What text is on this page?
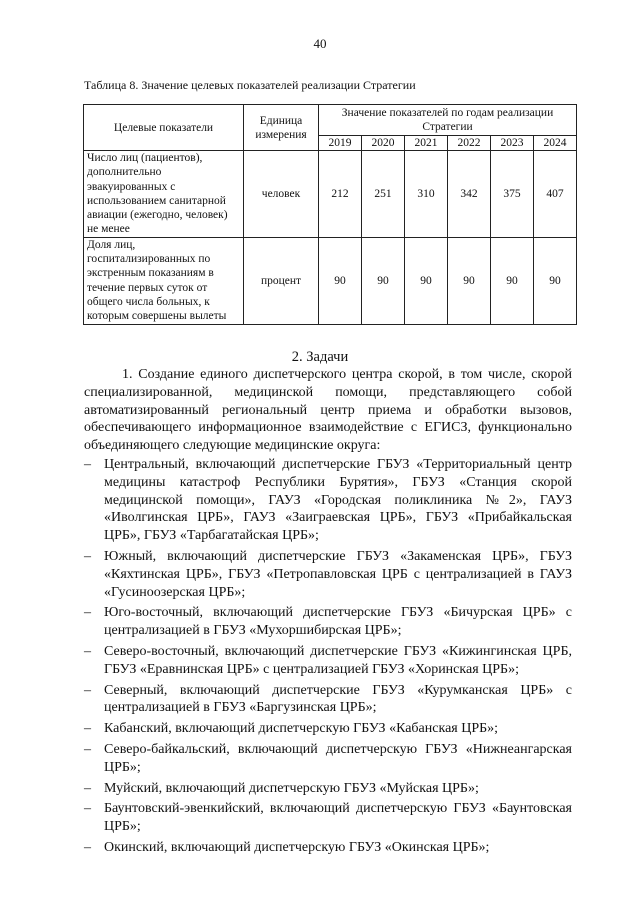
40
Таблица 8. Значение целевых показателей реализации Стратегии
Целевые показатели	Единица измерения	Значение показателей по годам реализации Стратегии					
		2019	2020	2021	2022	2023	2024
Число лиц (пациентов), дополнительно эвакуированных с использованием санитарной авиации (ежегодно, человек) не менее	человек	212	251	310	342	375	407
Доля лиц, госпитализированных по экстренным показаниям в течение первых суток от общего числа больных, к которым совершены вылеты	процент	90	90	90	90	90	90
2. Задачи
1. Создание единого диспетчерского центра скорой, в том числе, скорой специализированной, медицинской помощи, представляющего собой автоматизированный региональный центр приема и обработки вызовов, обеспечивающего информационное взаимодействие с ЕГИСЗ, функционально объединяющего следующие медицинские округа:
– Центральный, включающий диспетчерские ГБУЗ «Территориальный центр медицины катастроф Республики Бурятия», ГБУЗ «Станция скорой медицинской помощи», ГАУЗ «Городская поликлиника №2», ГАУЗ «Иволгинская ЦРБ», ГАУЗ «Заиграевская ЦРБ», ГБУЗ «Прибайкальская ЦРБ», ГБУЗ «Тарбагатайская ЦРБ»;
– Южный, включающий диспетчерские ГБУЗ «Закаменская ЦРБ», ГБУЗ «Кяхтинская ЦРБ», ГБУЗ «Петропавловская ЦРБ с централизацией в ГАУЗ «Гусиноозерская ЦРБ»;
– Юго-восточный, включающий диспетчерские ГБУЗ «Бичурская ЦРБ» с централизацией в ГБУЗ «Мухоршибирская ЦРБ»;
– Северо-восточный, включающий диспетчерские ГБУЗ «Кижингинская ЦРБ, ГБУЗ «Еравнинская ЦРБ» с централизацией ГБУЗ «Хоринская ЦРБ»;
– Северный, включающий диспетчерские ГБУЗ «Курумканская ЦРБ» с централизацией в ГБУЗ «Баргузинская ЦРБ»;
– Кабанский, включающий диспетчерскую ГБУЗ «Кабанская ЦРБ»;
– Северо-байкальский, включающий диспетчерскую ГБУЗ «Нижнеангарская ЦРБ»;
– Муйский, включающий диспетчерскую ГБУЗ «Муйская ЦРБ»;
– Баунтовский-эвенкийский, включающий диспетчерскую ГБУЗ «Баунтовская ЦРБ»;
– Окинский, включающий диспетчерскую ГБУЗ «Окинская ЦРБ»;
